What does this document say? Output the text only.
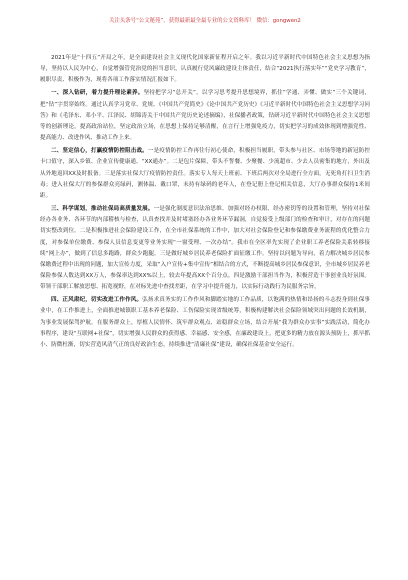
关注头条号“公文秘苑”，获得最新最全最专业的公文资料库！ 微信：gongwen2

2021年是“十四五”开局之年，是全面建设社会主义现代化国家新征程开启之年。我以习近平新时代中国特色社会主义思想为指导，坚持以人民为中心，自觉增强管党治党的担当意识，认真履行党风廉政建设主体责任，结合“2021执行落实年”“党史学习教育”，履职尽责、积极作为，现将各项工作落实情况汇报如下。

一、深入钻研，着力提升理论素养。坚持把学习“总开关”，以学习思考提升思想境界，抓住“学通、弄懂、做实”三个关键词，把“钻”字贯穿始终。通过认真学习党章、党规、《中国共产党简史》《论中国共产党历史》《习近平新时代中国特色社会主义思想学习问答》和《毛泽东、邓小平、江泽民、胡锦涛关于中国共产党历史论述摘编》，社保播者政策，钻研习近平新时代中国特色社会主义思想等的创新理论，提高政治站位，坚定政治立场，在思想上保持足够清醒，在言行上增强免疫力，切实把学习的成效体现到增强党性、提高能力、改进作风、推动工作上来。

二、坚定信心，打赢疫情防控阻击战。一是疫情防控工作再往行初心使命，积极担当履职，带头参与社区、市场等地的新冠防控卡口值守，深入乡镇、企业宣传健康通、“XX通办”。二是包片保障，带头不誓餐、少聚餐、少流超市、少去人员密集的地方，外出及从外地返回XX及时报备。三是落实社保大厅疫情防控责任。落实专人每天上班前、下班后两次对全局进行全方面，无死角打扫卫生消毒；进入社保大厅的参保群众亮绿码，测体温、戴口罩，未持有绿码的老年人，在登记册上登记相关信息，大厅办事群众保持1米间距。

三、科学谋划，推动社保局高质量发展。一是强化制度意识法治思维。加强对经办权限、经办密钥等的设置和管理，坚持对社保经办各业务、各环节的内部稽核与检查，认真查找并及时堵塞经办各业务环节漏洞，自觉接受上级部门的检查和审计，对存在的问题切实整改到位。二是积极推进社会保险建设工作，在全市社保系统的工作中，加大对社会保险登记和参保缴费业务流程的优化整合力度，对参保单位缴费、参保人员信息变更等业务实现“一窗受理、一次办结”。我市在全区率先实现了企业职工养老保险关系转移接续“网上办”，做到了信息多跑路，群众少跑腿。三是做好城乡居民养老保险扩面征缴工作。坚持以问题为导向，着力解决城乡居民参保缴费过程中出现的问题，加大宣传力度，采取“入户宣传+集中宣传”相结合的方式，不断提高城乡居民参保意识，全市城乡居民养老保险参保人数达到XX万人，参保率达到XX%以上，较去年提高XX个百分点。四是激励干部担当作为，积极营造干事创业良好氛围。带领干部职工解放思想、拓宽视野，在对标先进中查找差距，在学习中提升能力，以实际行动践行为民服务宗旨。

四、正风肃纪，切实改进工作作风。弘扬求真务实的工作作风和脚踏实地的工作品质，以饱满的热情和昂扬的斗志投身到社保事业中，在工作推进上，全面推进城镇职工基本养老保险、工伤保险实现省级统筹，积极构建解决社会保险领域突出问题的长效机制，为事业发展保驾护航。在服务群众上，厚植人民情怀、筑牢群众观点、站稳群众立场，结合开展“我为群众办实事”实践活动，简化办事程序，建设“互联网+社保”，切实增强人民群众的获得感、幸福感、安全感，在廉政建设上，把更多的精力放在源头预防上，抓早抓小、防微杜渐，切实营造风清气正的良好政治生态，持续推进“清廉社保”建设，确保社保基金安全运行。
